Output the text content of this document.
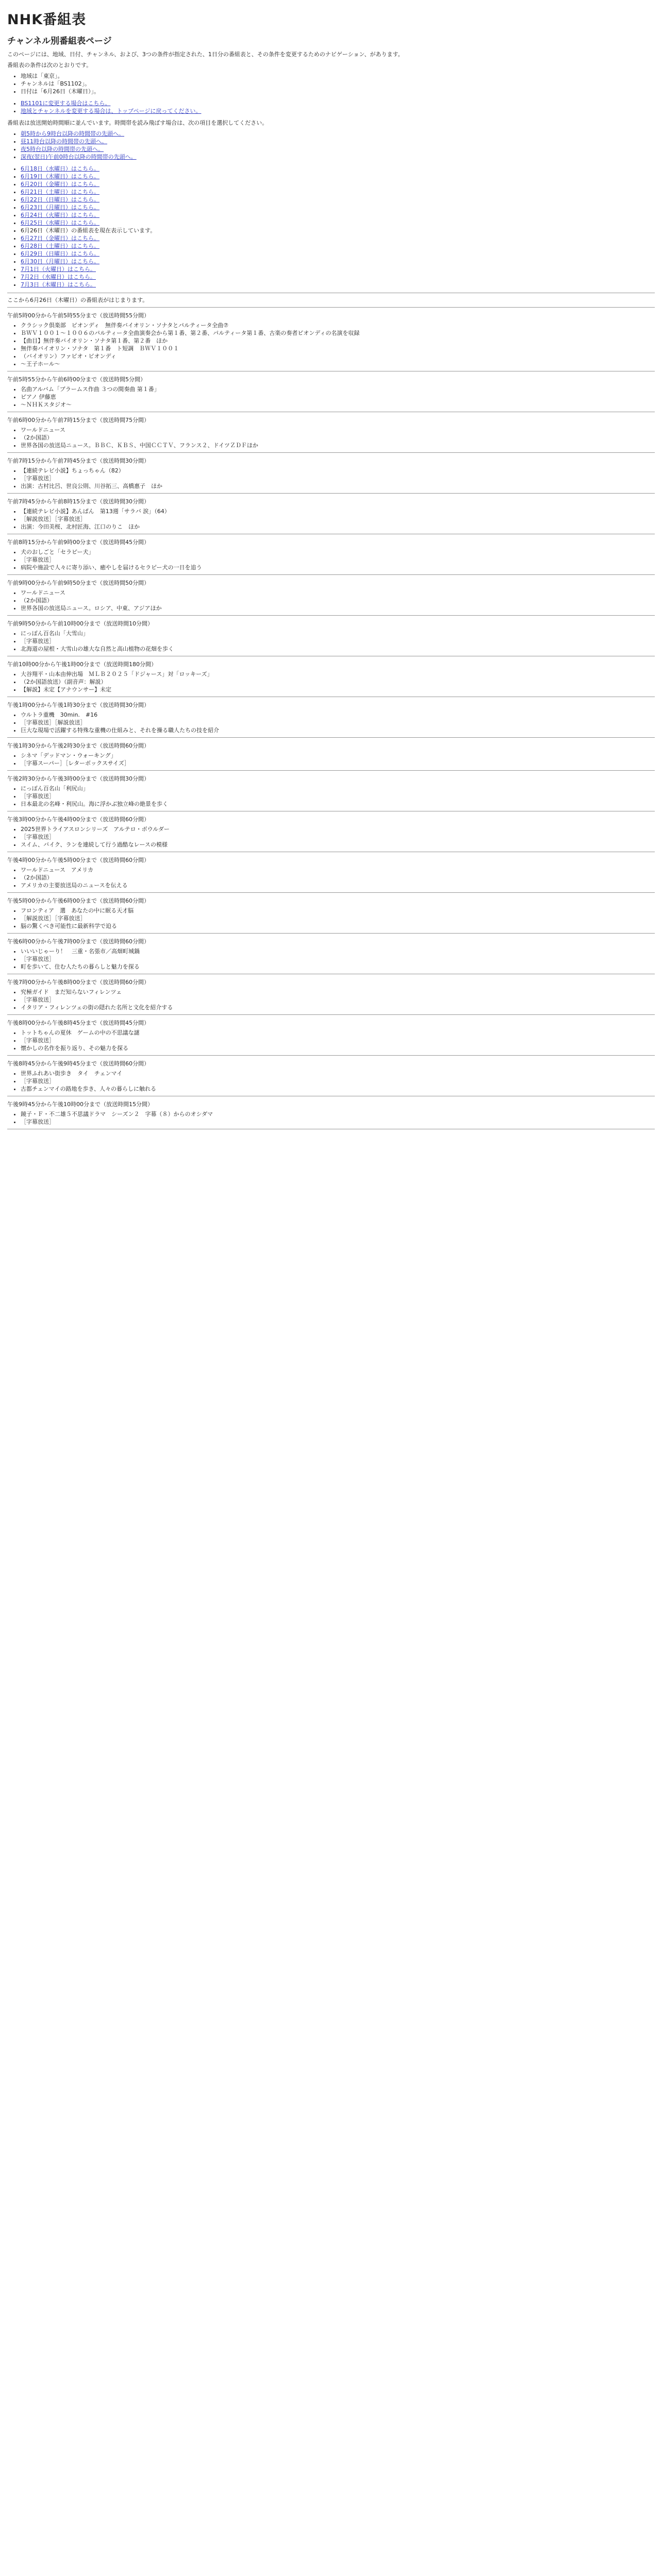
NHK番組表
チャンネル別番組表ページ

このページには、地域、日付、チャンネル、および、3つの条件が指定された、1日分の番組表と、その条件を変更するためのナビゲーション、があります。

番組表の条件は次のとおりです。

• 地域は「東京」。
• チャンネルは「BS1102」。
• 日付は「6月26日（木曜日）」。
• BS1101に変更する場合はこちら。
• 地域とチャンネルを変更する場合は、トップページに戻ってください。

番組表は放送開始時間順に並んでいます。時間帯を読み飛ばす場合は、次の項目を選択してください。

• 朝5時から9時台以降の時間帯の先頭へ。
• 昼11時台以降の時間帯の先頭へ。
• 夜5時台以降の時間帯の先頭へ。
• 深夜(翌日)午前0時台以降の時間帯の先頭へ。
• 6月18日（水曜日）はこちら。
• 6月19日（木曜日）はこちら。
• 6月20日（金曜日）はこちら。
• 6月21日（土曜日）はこちら。
• 6月22日（日曜日）はこちら。
• 6月23日（月曜日）はこちら。
• 6月24日（火曜日）はこちら。
• 6月25日（水曜日）はこちら。
• 6月26日（木曜日）の番組表を現在表示しています。
• 6月27日（金曜日）はこちら。
• 6月28日（土曜日）はこちら。
• 6月29日（日曜日）はこちら。
• 6月30日（月曜日）はこちら。
• 7月1日（火曜日）はこちら。
• 7月2日（水曜日）はこちら。
• 7月3日（木曜日）はこちら。

ここから6月26日（木曜日）の番組表がはじまります。

午前5時00分から午前5時55分まで（放送時間55分間）
• クラシック倶楽部　ピオンディ　無伴奏バイオリン・ソナタとパルティータ全曲⑦
• ＢＷＶ１００１〜１００６のパルティータ全曲演奏会から第１番、第２番、パルティータ第１番、古楽の奏者ピオンディの名演を収録
• 【曲目】無伴奏バイオリン・ソナタ第１番、第２番　ほか
• 無伴奏バイオリン・ソナタ　第１番　ト短調　ＢＷＶ１００１
• （バイオリン）ファビオ・ビオンディ
• 〜王子ホール〜
午前5時55分から午前6時00分まで（放送時間5分間）
• 名曲アルバム「ブラームス作曲 ３つの間奏曲 第１番」
• ピアノ 伊藤恵
• 〜ＮＨＫスタジオ〜
午前6時00分から午前7時15分まで（放送時間75分間）
• ワールドニュース
• （2か国語）
• 世界各国の放送局ニュース。ＢＢＣ、ＫＢＳ、中国ＣＣＴＶ、フランス２、ドイツＺＤＦほか
午前7時15分から午前7時45分まで（放送時間30分間）
• 【連続テレビ小説】ちょっちゃん（82）
• ［字幕放送］
• 出演：古村比呂、世良公則、川谷拓三、高橋惠子　ほか
午前7時45分から午前8時15分まで（放送時間30分間）
• 【連続テレビ小説】あんぱん　第13週「サラバ 涙」（64）
• ［解説放送］［字幕放送］
• 出演：今田美桜、北村匠海、江口のりこ　ほか
午前8時15分から午前9時00分まで（放送時間45分間）
• 犬のおしごと「セラピー犬」
• ［字幕放送］
• 病院や施設で人々に寄り添い、癒やしを届けるセラピー犬の一日を追う
午前9時00分から午前9時50分まで（放送時間50分間）
• ワールドニュース
• （2か国語）
• 世界各国の放送局ニュース。ロシア、中東、アジアほか
午前9時50分から午前10時00分まで（放送時間10分間）
• にっぽん百名山「大雪山」
• ［字幕放送］
• 北海道の屋根・大雪山の雄大な自然と高山植物の花畑を歩く
午前10時00分から午後1時00分まで（放送時間180分間）
• 大谷翔平・山本由伸出場　ＭＬＢ２０２５「ドジャース」対「ロッキーズ」
• （2か国語放送）（副音声：解説）
• 【解説】未定【アナウンサー】未定
午後1時00分から午後1時30分まで（放送時間30分間）
• ウルトラ重機　30min.　#16
• ［字幕放送］［解説放送］
• 巨大な現場で活躍する特殊な重機の仕組みと、それを操る職人たちの技を紹介
午後1時30分から午後2時30分まで（放送時間60分間）
• シネマ「デッドマン・ウォーキング」
• ［字幕スーパー］［レターボックスサイズ］
午後2時30分から午後3時00分まで（放送時間30分間）
• にっぽん百名山「利尻山」
• ［字幕放送］
• 日本最北の名峰・利尻山。海に浮かぶ独立峰の絶景を歩く
午後3時00分から午後4時00分まで（放送時間60分間）
• 2025世界トライアスロンシリーズ　アルテロ・ボウルダー
• ［字幕放送］
• スイム、バイク、ランを連続して行う過酷なレースの模様
午後4時00分から午後5時00分まで（放送時間60分間）
• ワールドニュース　アメリカ
• （2か国語）
• アメリカの主要放送局のニュースを伝える
午後5時00分から午後6時00分まで（放送時間60分間）
• フロンティア　選　あなたの中に眠る天才脳
• ［解説放送］［字幕放送］
• 脳の驚くべき可能性に最新科学で迫る
午後6時00分から午後7時00分まで（放送時間60分間）
• いいいじゃーり！　三重・名張市／高畑町城鍋
• ［字幕放送］
• 町を歩いて、住む人たちの暮らしと魅力を探る
午後7時00分から午後8時00分まで（放送時間60分間）
• 究極ガイド　まだ知らないフィレンツェ
• ［字幕放送］
• イタリア・フィレンツェの街の隠れた名所と文化を紹介する
午後8時00分から午後8時45分まで（放送時間45分間）
• トットちゃんの夏休　ゲームの中の不思議な謎
• ［字幕放送］
• 懐かしの名作を振り返り、その魅力を探る
午後8時45分から午後9時45分まで（放送時間60分間）
• 世界ふれあい街歩き　タイ　チェンマイ
• ［字幕放送］
• 古都チェンマイの路地を歩き、人々の暮らしに触れる
午後9時45分から午後10時00分まで（放送時間15分間）
• 鏡子・Ｆ・不二雄５不思議ドラマ　シーズン２　字幕（８）からのオシダマ
• ［字幕放送］
